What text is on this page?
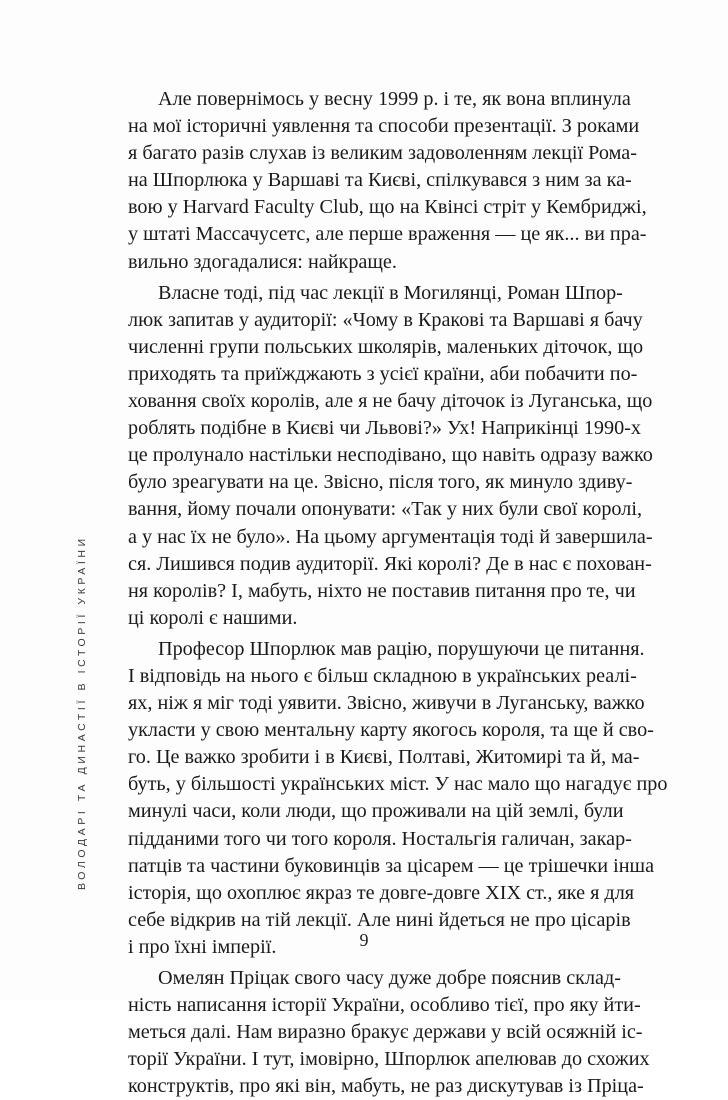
ВОЛОДАРІ ТА ДИНАСТІЇ В ІСТОРІЇ УКРАЇНИ
Але повернімось у весну 1999 р. і те, як вона вплинула
на мої історичні уявлення та способи презентації. З роками
я багато разів слухав із великим задоволенням лекції Рома-
на Шпорлюка у Варшаві та Києві, спілкувався з ним за ка-
вою у Harvard Faculty Club, що на Квінсі стріт у Кембриджі,
у штаті Массачусетс, але перше враження — це як... ви пра-
вильно здогадалися: найкраще.
Власне тоді, під час лекції в Могилянці, Роман Шпор-
люк запитав у аудиторії: «Чому в Кракові та Варшаві я бачу
численні групи польських школярів, маленьких діточок, що
приходять та приїжджають з усієї країни, аби побачити по-
ховання своїх королів, але я не бачу діточок із Луганська, що
роблять подібне в Києві чи Львові?» Ух! Наприкінці 1990-х
це пролунало настільки несподівано, що навіть одразу важко
було зреагувати на це. Звісно, після того, як минуло здиву-
вання, йому почали опонувати: «Так у них були свої королі,
а у нас їх не було». На цьому аргументація тоді й завершила-
ся. Лишився подив аудиторії. Які королі? Де в нас є похован-
ня королів? І, мабуть, ніхто не поставив питання про те, чи
ці королі є нашими.
Професор Шпорлюк мав рацію, порушуючи це питання.
І відповідь на нього є більш складною в українських реалі-
ях, ніж я міг тоді уявити. Звісно, живучи в Луганську, важко
укласти у свою ментальну карту якогось короля, та ще й сво-
го. Це важко зробити і в Києві, Полтаві, Житомирі та й, ма-
буть, у більшості українських міст. У нас мало що нагадує про
минулі часи, коли люди, що проживали на цій землі, були
підданими того чи того короля. Ностальгія галичан, закар-
патців та частини буковинців за цісарем — це трішечки інша
історія, що охоплює якраз те довге-довге XIX ст., яке я для
себе відкрив на тій лекції. Але нині йдеться не про цісарів
і про їхні імперії.
Омелян Пріцак свого часу дуже добре пояснив склад-
ність написання історії України, особливо тієї, про яку йти-
меться далі. Нам виразно бракує держави у всій осяжній іс-
торії України. І тут, імовірно, Шпорлюк апелював до схожих
конструктів, про які він, мабуть, не раз дискутував із Пріца-
9
